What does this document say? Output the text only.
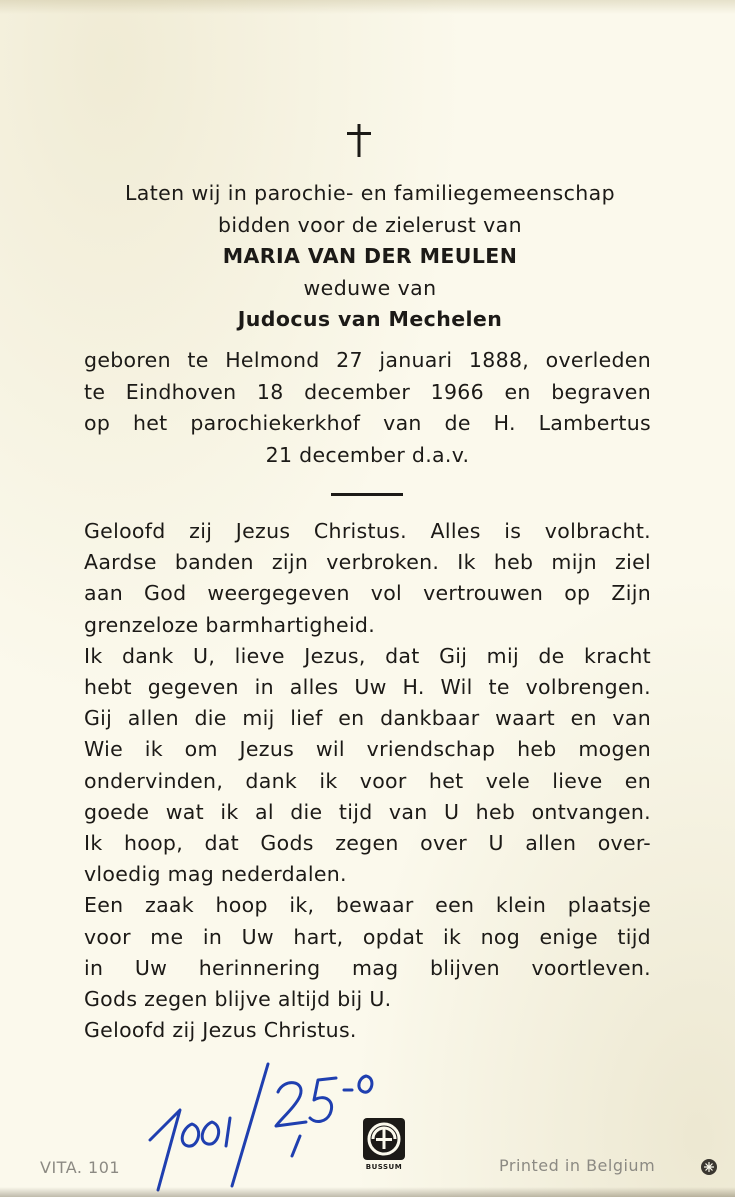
Laten wij in parochie- en familiegemeenschap
bidden voor de zielerust van
MARIA VAN DER MEULEN
weduwe van
Judocus van Mechelen
geboren te Helmond 27 januari 1888, overleden
te Eindhoven 18 december 1966 en begraven
op het parochiekerkhof van de H. Lambertus
21 december d.a.v.
Geloofd zij Jezus Christus. Alles is volbracht.
Aardse banden zijn verbroken. Ik heb mijn ziel
aan God weergegeven vol vertrouwen op Zijn
grenzeloze barmhartigheid.
Ik dank U, lieve Jezus, dat Gij mij de kracht
hebt gegeven in alles Uw H. Wil te volbrengen.
Gij allen die mij lief en dankbaar waart en van
Wie ik om Jezus wil vriendschap heb mogen
ondervinden, dank ik voor het vele lieve en
goede wat ik al die tijd van U heb ontvangen.
Ik hoop, dat Gods zegen over U allen over-
vloedig mag nederdalen.
Een zaak hoop ik, bewaar een klein plaatsje
voor me in Uw hart, opdat ik nog enige tijd
in Uw herinnering mag blijven voortleven.
Gods zegen blijve altijd bij U.
Geloofd zij Jezus Christus.
VITA. 101	BUSSUM	Printed in Belgium
